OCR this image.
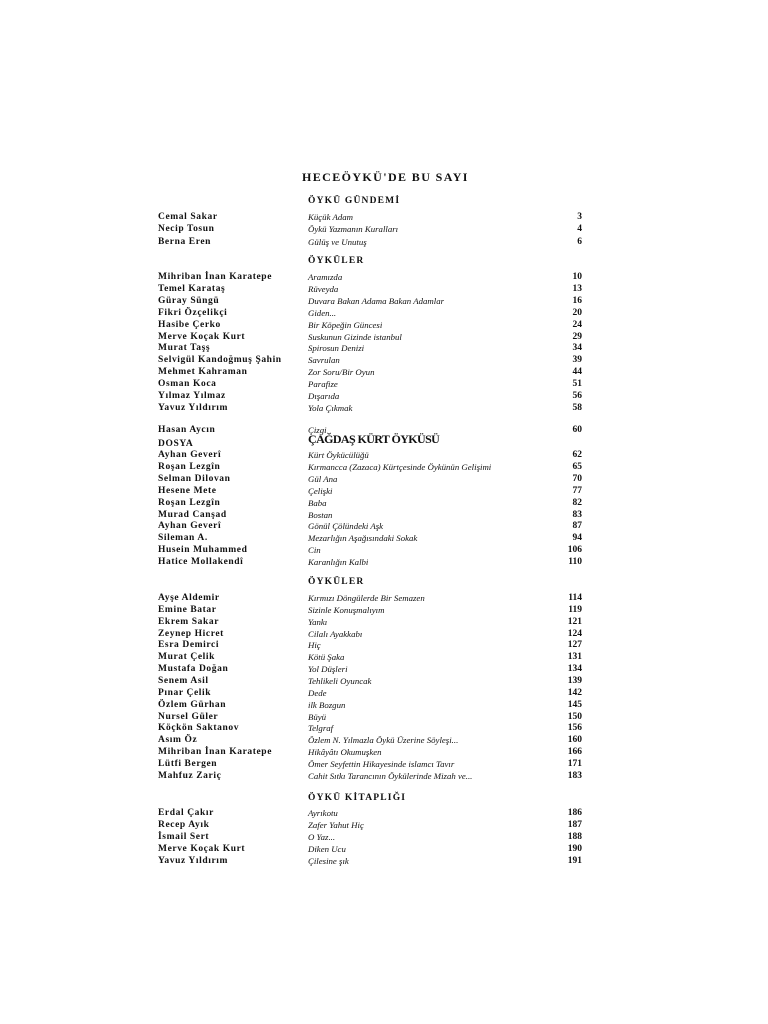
HECEÖYKÜ'DE BU SAYI
ÖYKÜ GÜNDEMİ
Cemal Sakar	Küçük Adam	3
Necip Tosun	Öykü Yazmanın Kuralları	4
Berna Eren	Gülüş ve Unutuş	6
ÖYKÜLER
Mihriban İnan Karatepe	Aramızda	10
Temel Karataş	Rüveyda	13
Güray Süngü	Duvara Bakan Adama Bakan Adamlar	16
Fikri Özçelikçi	Giden...	20
Hasibe Çerko	Bir Köpeğin Güncesi	24
Merve Koçak Kurt	Suskunun Gizinde istanbul	29
Murat Taşş	Spirosun Denizi	34
Selvigül Kandoğmuş Şahin	Savrulan	39
Mehmet Kahraman	Zor Soru/Bir Oyun	44
Osman Koca	Parafize	51
Yılmaz Yılmaz	Dışarıda	56
Yavuz Yıldırım	Yola Çıkmak	58
Hasan Aycın	Çizgi	60
DOSYA	ÇAĞDAŞ KÜRT ÖYKÜSÜ
Ayhan Geverî	Kürt Öykücülüğü	62
Roşan Lezgîn	Kırmancca (Zazaca) Kürtçesinde Öykünün Gelişimi	65
Selman Dilovan	Gül Ana	70
Hesene Mete	Çelişki	77
Roşan Lezgîn	Baba	82
Murad Canşad	Bostan	83
Ayhan Geverî	Gönül Çölündeki Aşk	87
Sileman A.	Mezarlığın Aşağısındaki Sokak	94
Husein Muhammed	Cin	106
Hatice Mollakendî	Karanlığın Kalbi	110
ÖYKÜLER
Ayşe Aldemir	Kırmızı Döngülerde Bir Semazen	114
Emine Batar	Sizinle Konuşmalıyım	119
Ekrem Sakar	Yankı	121
Zeynep Hicret	Cilalı Ayakkabı	124
Esra Demirci	Hiç	127
Murat Çelik	Kötü Şaka	131
Mustafa Doğan	Yol Düşleri	134
Senem Asil	Tehlikeli Oyuncak	139
Pınar Çelik	Dede	142
Özlem Gürhan	ilk Bozgun	145
Nursel Güler	Büyü	150
Köçkön Saktanov	Telgraf	156
Asım Öz	Özlem N. Yılmazla Öykü Üzerine Söyleşi...	160
Mihriban İnan Karatepe	Hikâyâtı Okumuşken	166
Lütfi Bergen	Ömer Seyfettin Hikayesinde islamcı Tavır	171
Mahfuz Zariç	Cahit Sıtkı Tarancının Öykülerinde Mizah ve...	183
ÖYKÜ KİTAPLIĞI
Erdal Çakır	Ayrıkotu	186
Recep Ayık	Zafer Yahut Hiç	187
İsmail Sert	O Yaz...	188
Merve Koçak Kurt	Diken Ucu	190
Yavuz Yıldırım	Çilesine şık	191
